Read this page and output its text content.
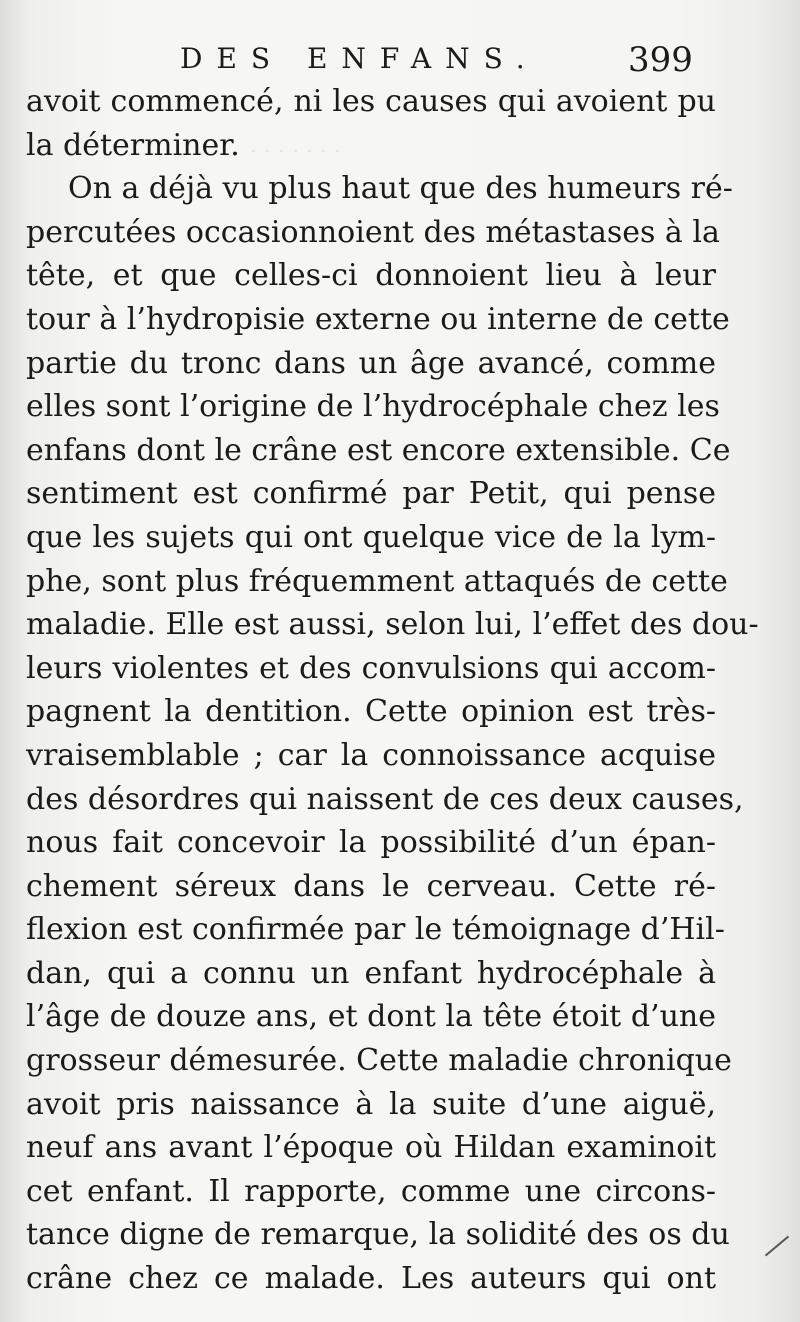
· · · · · · ·
DES ENFANS.	399
avoit commencé, ni les causes qui avoient pu
la déterminer.
On a déjà vu plus haut que des humeurs ré-
percutées occasionnoient des métastases à la
tête, et que celles-ci donnoient lieu à leur
tour à l’hydropisie externe ou interne de cette
partie du tronc dans un âge avancé, comme
elles sont l’origine de l’hydrocéphale chez les
enfans dont le crâne est encore extensible. Ce
sentiment est confirmé par Petit, qui pense
que les sujets qui ont quelque vice de la lym-
phe, sont plus fréquemment attaqués de cette
maladie. Elle est aussi, selon lui, l’effet des dou-
leurs violentes et des convulsions qui accom-
pagnent la dentition. Cette opinion est très-
vraisemblable ; car la connoissance acquise
des désordres qui naissent de ces deux causes,
nous fait concevoir la possibilité d’un épan-
chement séreux dans le cerveau. Cette ré-
flexion est confirmée par le témoignage d’Hil-
dan, qui a connu un enfant hydrocéphale à
l’âge de douze ans, et dont la tête étoit d’une
grosseur démesurée. Cette maladie chronique
avoit pris naissance à la suite d’une aiguë,
neuf ans avant l’époque où Hildan examinoit
cet enfant. Il rapporte, comme une circons-
tance digne de remarque, la solidité des os du
crâne chez ce malade. Les auteurs qui ont
